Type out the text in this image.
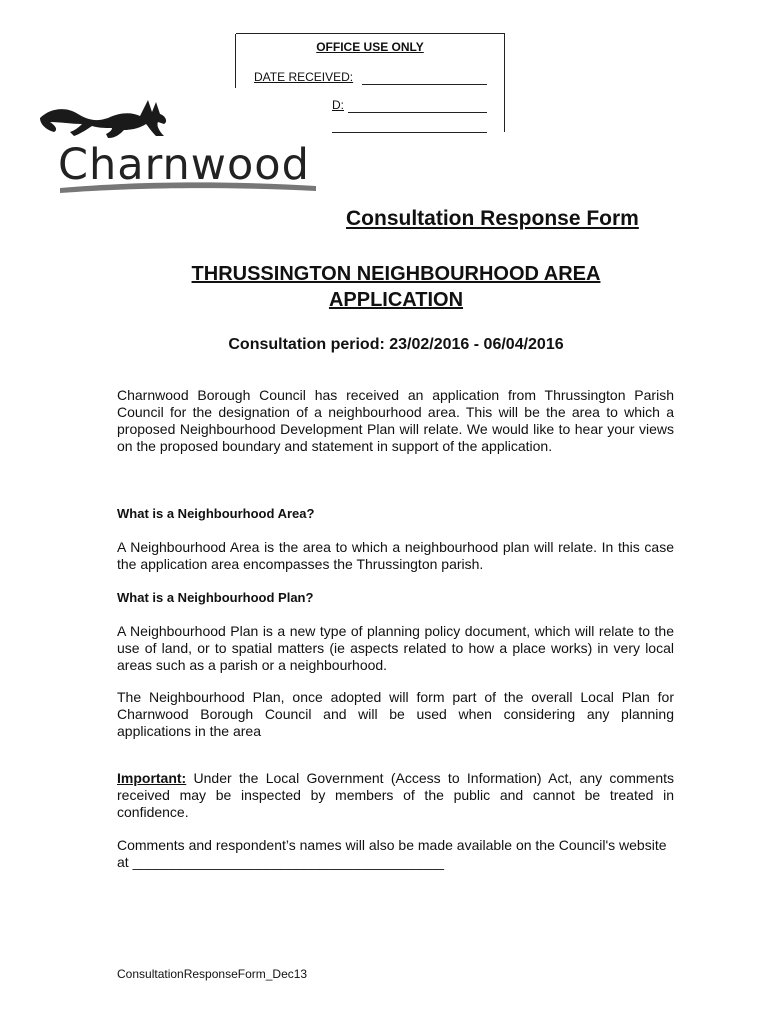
OFFICE USE ONLY
DATE RECEIVED:
D:
Charnwood
Consultation Response Form
THRUSSINGTON NEIGHBOURHOOD AREA
APPLICATION
Consultation period: 23/02/2016 - 06/04/2016
Charnwood Borough Council has received an application from Thrussington Parish Council for the designation of a neighbourhood area. This will be the area to which a proposed Neighbourhood Development Plan will relate. We would like to hear your views on the proposed boundary and statement in support of the application.
What is a Neighbourhood Area?
A Neighbourhood Area is the area to which a neighbourhood plan will relate. In this case the application area encompasses the Thrussington parish.
What is a Neighbourhood Plan?
A Neighbourhood Plan is a new type of planning policy document, which will relate to the use of land, or to spatial matters (ie aspects related to how a place works) in very local areas such as a parish or a neighbourhood.
The Neighbourhood Plan, once adopted will form part of the overall Local Plan for Charnwood Borough Council and will be used when considering any planning applications in the area
Important: Under the Local Government (Access to Information) Act, any comments received may be inspected by members of the public and cannot be treated in confidence.
Comments and respondent’s names will also be made available on the Council's website at ________________________________________
ConsultationResponseForm_Dec13
